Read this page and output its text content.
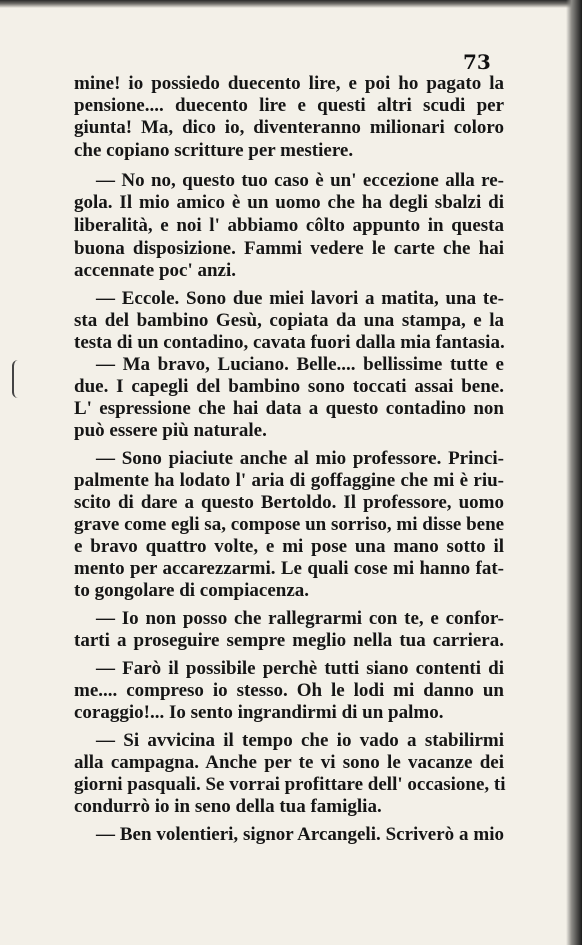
73

mine! io possiedo duecento lire, e poi ho pagato la
pensione.... duecento lire e questi altri scudi per
giunta! Ma, dico io, diventeranno milionari coloro
che copiano scritture per mestiere.
— No no, questo tuo caso è un' eccezione alla re-
gola. Il mio amico è un uomo che ha degli sbalzi di
liberalità, e noi l' abbiamo côlto appunto in questa
buona disposizione. Fammi vedere le carte che hai
accennate poc' anzi.
— Eccole. Sono due miei lavori a matita, una te-
sta del bambino Gesù, copiata da una stampa, e la
testa di un contadino, cavata fuori dalla mia fantasia.
— Ma bravo, Luciano. Belle.... bellissime tutte e
due. I capegli del bambino sono toccati assai bene.
L' espressione che hai data a questo contadino non
può essere più naturale.
— Sono piaciute anche al mio professore. Princi-
palmente ha lodato l' aria di goffaggine che mi è riu-
scito di dare a questo Bertoldo. Il professore, uomo
grave come egli sa, compose un sorriso, mi disse bene
e bravo quattro volte, e mi pose una mano sotto il
mento per accarezzarmi. Le quali cose mi hanno fat-
to gongolare di compiacenza.
— Io non posso che rallegrarmi con te, e confor-
tarti a proseguire sempre meglio nella tua carriera.
— Farò il possibile perchè tutti siano contenti di
me.... compreso io stesso. Oh le lodi mi danno un
coraggio!... Io sento ingrandirmi di un palmo.
— Si avvicina il tempo che io vado a stabilirmi
alla campagna. Anche per te vi sono le vacanze dei
giorni pasquali. Se vorrai profittare dell' occasione, ti
condurrò io in seno della tua famiglia.
— Ben volentieri, signor Arcangeli. Scriverò a mio
